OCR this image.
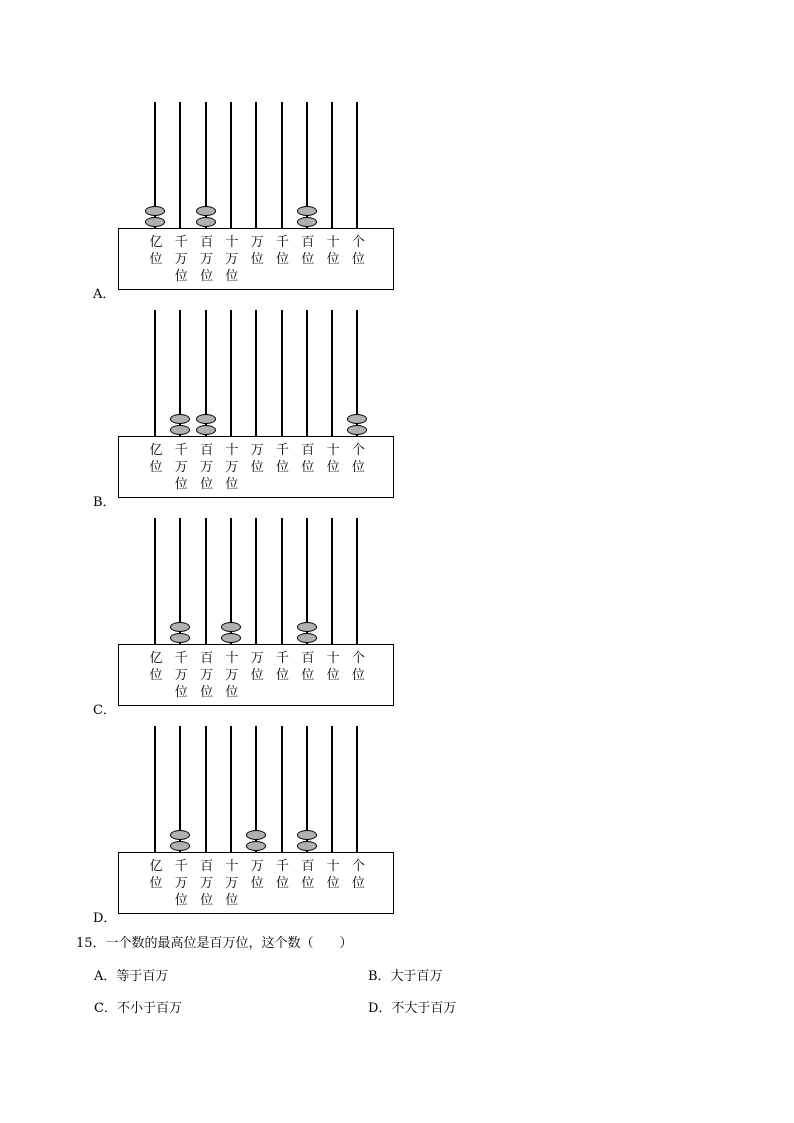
亿
位
千
万
位
百
万
位
十
万
位
万
位
千
位
百
位
十
位
个
位
A．
亿
位
千
万
位
百
万
位
十
万
位
万
位
千
位
百
位
十
位
个
位
B．
亿
位
千
万
位
百
万
位
十
万
位
万
位
千
位
百
位
十
位
个
位
C．
亿
位
千
万
位
百
万
位
十
万
位
万
位
千
位
百
位
十
位
个
位
D．
15．一个数的最高位是百万位，这个数（　　）
A．等于百万	B．大于百万
C．不小于百万	D．不大于百万
